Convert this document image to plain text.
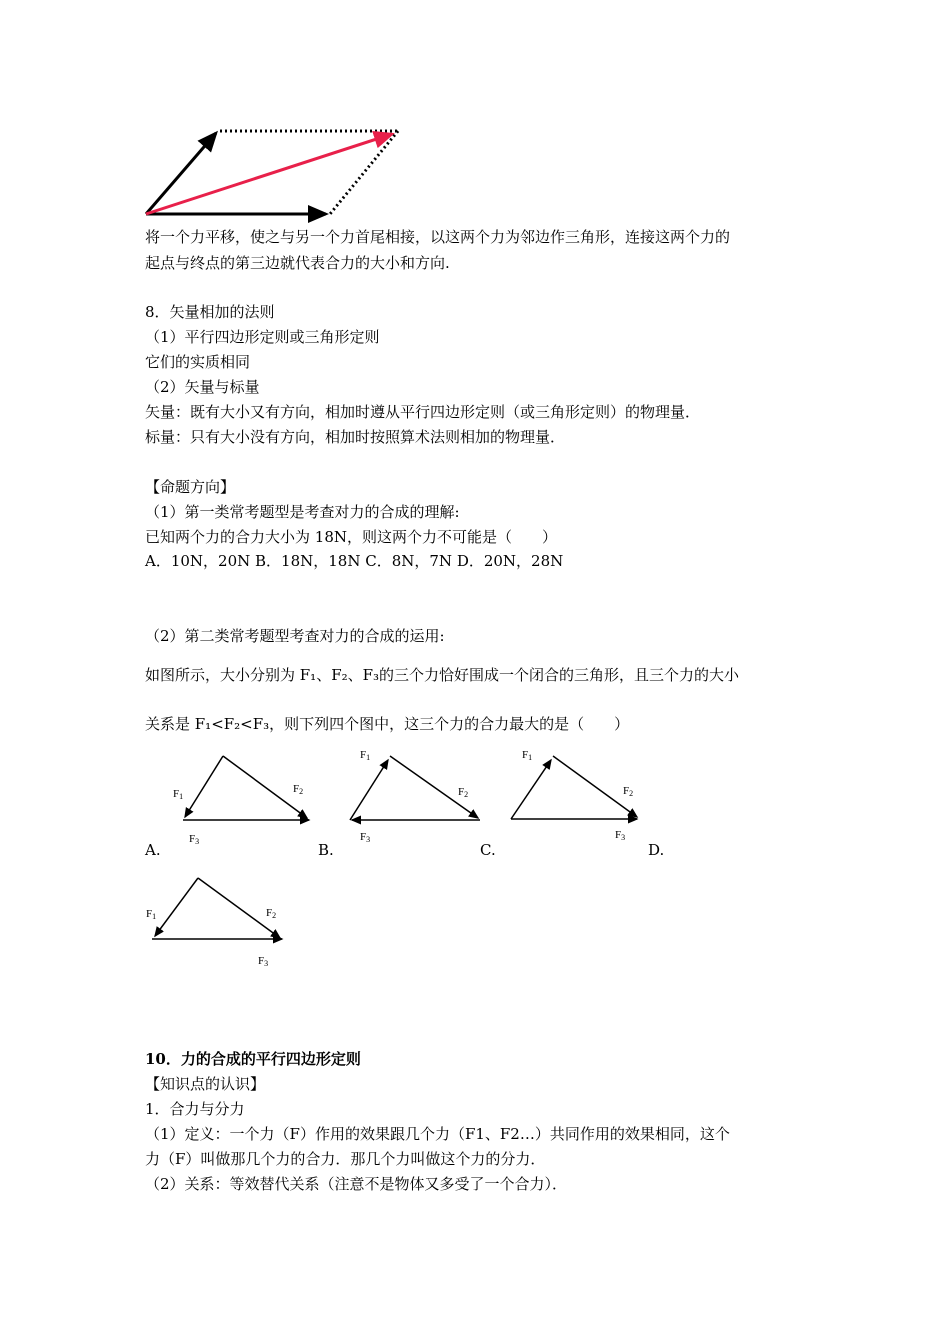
将一个力平移，使之与另一个力首尾相接，以这两个力为邻边作三角形，连接这两个力的
起点与终点的第三边就代表合力的大小和方向.
8．矢量相加的法则
（1）平行四边形定则或三角形定则
它们的实质相同
（2）矢量与标量
矢量：既有大小又有方向，相加时遵从平行四边形定则（或三角形定则）的物理量．
标量：只有大小没有方向，相加时按照算术法则相加的物理量．
【命题方向】
（1）第一类常考题型是考查对力的合成的理解:
已知两个力的合力大小为 18N，则这两个力不可能是（　　）
A．10N，20N B．18N，18N C．8N，7N D．20N，28N
（2）第二类常考题型考查对力的合成的运用:
如图所示，大小分别为 F₁、F₂、F₃的三个力恰好围成一个闭合的三角形，且三个力的大小
关系是 F₁<F₂<F₃，则下列四个图中，这三个力的合力最大的是（　　）
F1
F2
F3
F1
F2
F3
F1
F2
F3
A.	B.	C.	D.
F1	F2
F3
10．力的合成的平行四边形定则
【知识点的认识】
1．合力与分力
（1）定义：一个力（F）作用的效果跟几个力（F1、F2…）共同作用的效果相同，这个
力（F）叫做那几个力的合力．那几个力叫做这个力的分力．
（2）关系：等效替代关系（注意不是物体又多受了一个合力）．
